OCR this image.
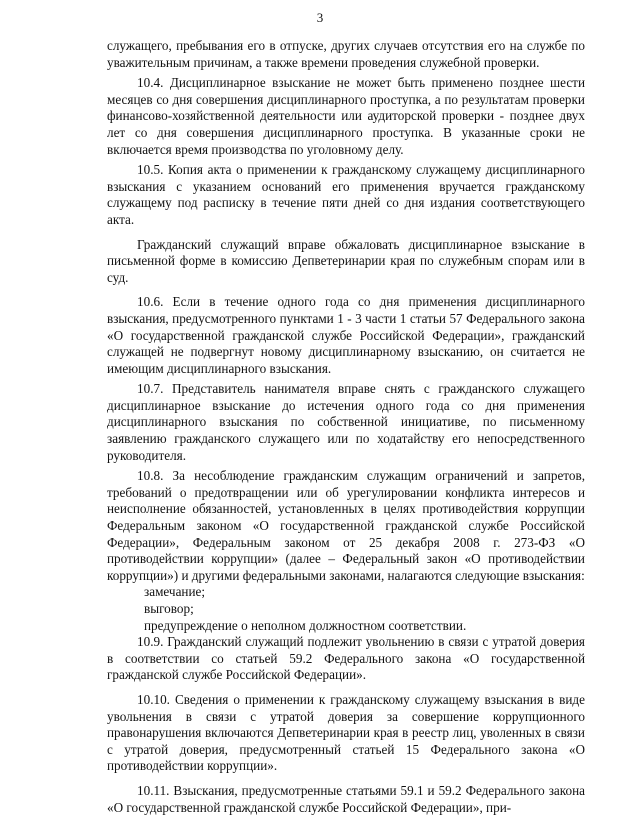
3

служащего, пребывания его в отпуске, других случаев отсутствия его на службе по уважительным причинам, а также времени проведения служебной проверки.

10.4. Дисциплинарное взыскание не может быть применено позднее шести месяцев со дня совершения дисциплинарного проступка, а по результатам проверки финансово-хозяйственной деятельности или аудиторской проверки - позднее двух лет со дня совершения дисциплинарного проступка. В указанные сроки не включается время производства по уголовному делу.

10.5. Копия акта о применении к гражданскому служащему дисциплинарного взыскания с указанием оснований его применения вручается гражданскому служащему под расписку в течение пяти дней со дня издания соответствующего акта.

Гражданский служащий вправе обжаловать дисциплинарное взыскание в письменной форме в комиссию Депветеринарии края по служебным спорам или в суд.

10.6. Если в течение одного года со дня применения дисциплинарного взыскания, предусмотренного пунктами 1 - 3 части 1 статьи 57 Федерального закона «О государственной гражданской службе Российской Федерации», гражданский служащей не подвергнут новому дисциплинарному взысканию, он считается не имеющим дисциплинарного взыскания.

10.7. Представитель нанимателя вправе снять с гражданского служащего дисциплинарное взыскание до истечения одного года со дня применения дисциплинарного взыскания по собственной инициативе, по письменному заявлению гражданского служащего или по ходатайству его непосредственного руководителя.

10.8. За несоблюдение гражданским служащим ограничений и запретов, требований о предотвращении или об урегулировании конфликта интересов и неисполнение обязанностей, установленных в целях противодействия коррупции Федеральным законом «О государственной гражданской службе Российской Федерации», Федеральным законом от 25 декабря 2008 г. 273-ФЗ «О противодействии коррупции» (далее – Федеральный закон «О противодействии коррупции») и другими федеральными законами, налагаются следующие взыскания:

замечание;

выговор;

предупреждение о неполном должностном соответствии.

10.9. Гражданский служащий подлежит увольнению в связи с утратой доверия в соответствии со статьей 59.2 Федерального закона «О государственной гражданской службе Российской Федерации».

10.10. Сведения о применении к гражданскому служащему взыскания в виде увольнения в связи с утратой доверия за совершение коррупционного правонарушения включаются Депветеринарии края в реестр лиц, уволенных в связи с утратой доверия, предусмотренный статьей 15 Федерального закона «О противодействии коррупции».

10.11. Взыскания, предусмотренные статьями 59.1 и 59.2 Федерального закона «О государственной гражданской службе Российской Федерации», при-
